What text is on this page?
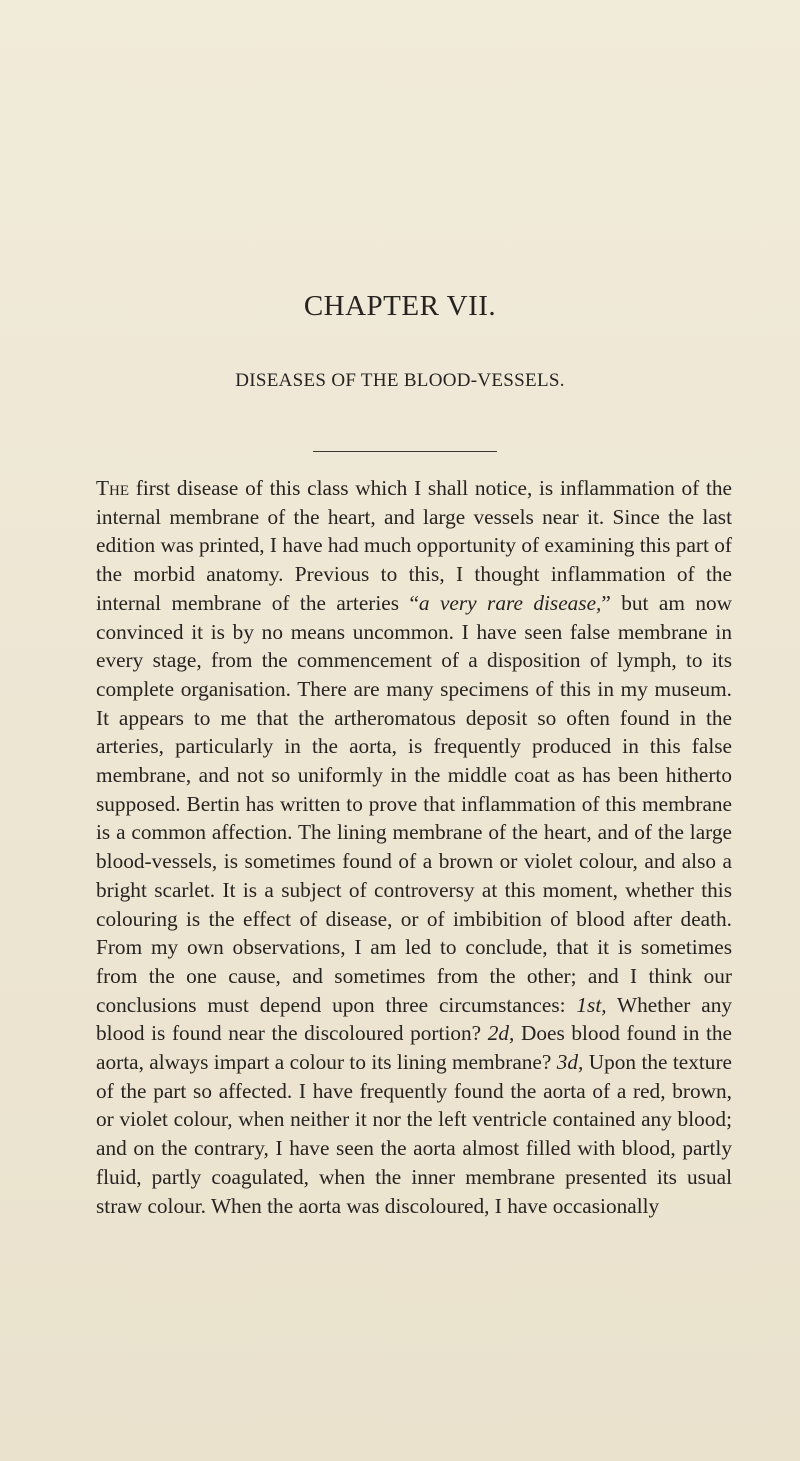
CHAPTER VII.
DISEASES OF THE BLOOD-VESSELS.

The first disease of this class which I shall notice, is inflammation of the internal membrane of the heart, and large vessels near it. Since the last edition was printed, I have had much opportunity of examining this part of the morbid anatomy. Previous to this, I thought inflammation of the internal membrane of the arteries “a very rare disease,” but am now convinced it is by no means uncommon. I have seen false membrane in every stage, from the commencement of a disposition of lymph, to its complete organisation. There are many specimens of this in my museum. It appears to me that the artheromatous deposit so often found in the arteries, particularly in the aorta, is frequently produced in this false membrane, and not so uniformly in the middle coat as has been hitherto supposed. Bertin has written to prove that inflammation of this membrane is a common affection. The lining membrane of the heart, and of the large blood-vessels, is sometimes found of a brown or violet colour, and also a bright scarlet. It is a subject of controversy at this moment, whether this colouring is the effect of disease, or of imbibition of blood after death. From my own observations, I am led to conclude, that it is sometimes from the one cause, and sometimes from the other; and I think our conclusions must depend upon three circumstances: 1st, Whether any blood is found near the discoloured portion? 2d, Does blood found in the aorta, always impart a colour to its lining membrane? 3d, Upon the texture of the part so affected. I have frequently found the aorta of a red, brown, or violet colour, when neither it nor the left ventricle contained any blood; and on the contrary, I have seen the aorta almost filled with blood, partly fluid, partly coagulated, when the inner membrane presented its usual straw colour. When the aorta was discoloured, I have occasionally
